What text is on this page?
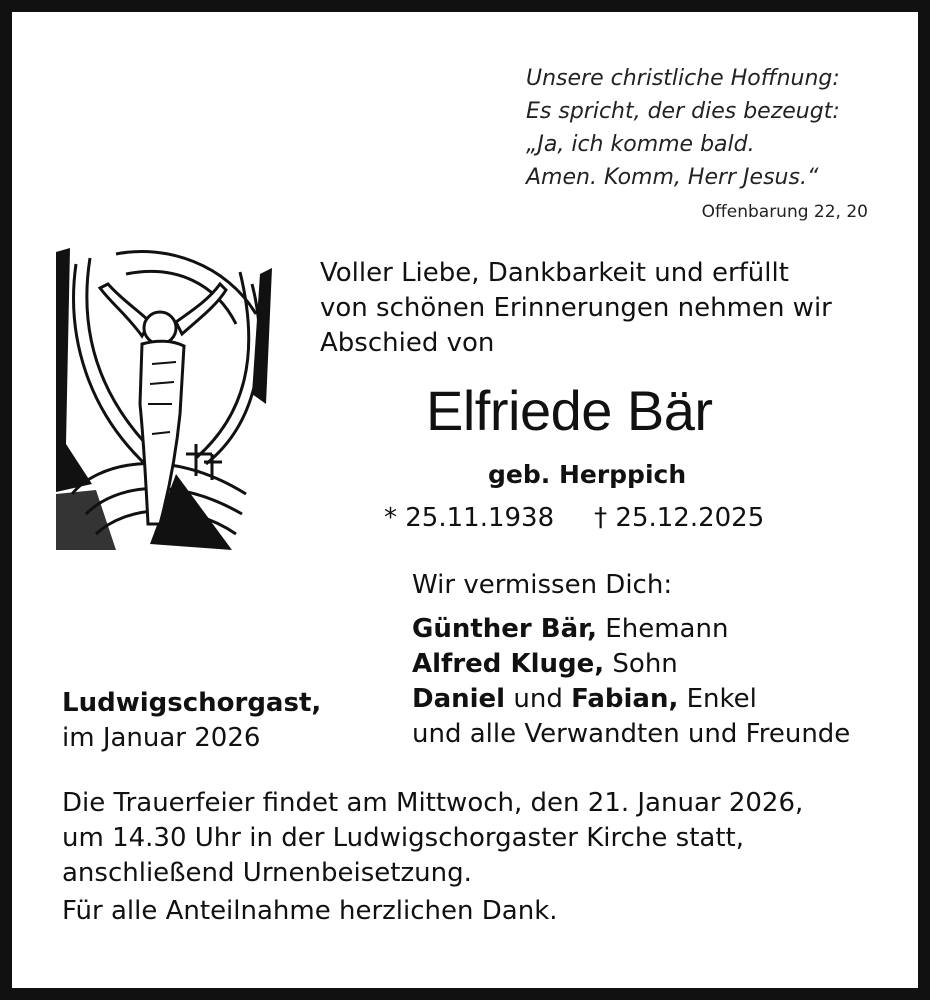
Unsere christliche Hoffnung:
Es spricht, der dies bezeugt:
„Ja, ich komme bald.
Amen. Komm, Herr Jesus.“
Offenbarung 22, 20
Voller Liebe, Dankbarkeit und erfüllt
von schönen Erinnerungen nehmen wir
Abschied von
Elfriede Bär
geb. Herppich
* 25.11.1938 † 25.12.2025
Wir vermissen Dich:
Günther Bär, Ehemann
Alfred Kluge, Sohn
Daniel und Fabian, Enkel
und alle Verwandten und Freunde
Ludwigschorgast,
im Januar 2026
Die Trauerfeier findet am Mittwoch, den 21. Januar 2026,
um 14.30 Uhr in der Ludwigschorgaster Kirche statt,
anschließend Urnenbeisetzung.
Für alle Anteilnahme herzlichen Dank.
